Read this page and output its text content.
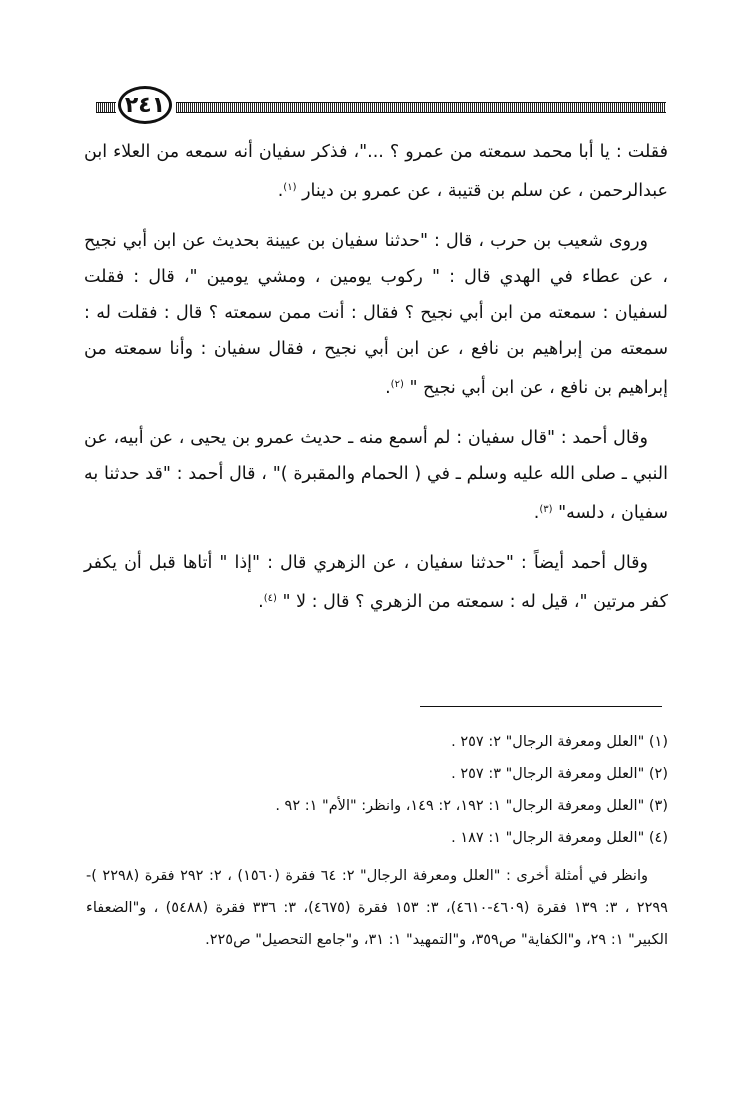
٢٤١

فقلت : يا أبا محمد سمعته من عمرو ؟ ..."، فذكر سفيان أنه سمعه من العلاء ابن عبدالرحمن ، عن سلم بن قتيبة ، عن عمرو بن دينار $^{(١)}$.

وروى شعيب بن حرب ، قال : "حدثنا سفيان بن عيينة بحديث عن ابن أبي نجيح ، عن عطاء في الهدي قال : " ركوب يومين ، ومشي يومين "، قال : فقلت لسفيان : سمعته من ابن أبي نجيح ؟ فقال : أنت ممن سمعته ؟ قال : فقلت له : سمعته من إبراهيم بن نافع ، عن ابن أبي نجيح ، فقال سفيان : وأنا سمعته من إبراهيم بن نافع ، عن ابن أبي نجيح " $^{(٢)}$.

وقال أحمد : "قال سفيان : لم أسمع منه ـ حديث عمرو بن يحيى ، عن أبيه، عن النبي ـ صلى الله عليه وسلم ـ في ( الحمام والمقبرة )" ، قال أحمد : "قد حدثنا به سفيان ، دلسه" $^{(٣)}$.

وقال أحمد أيضاً : "حدثنا سفيان ، عن الزهري قال : "إذا " أتاها قبل أن يكفر كفر مرتين "، قيل له : سمعته من الزهري ؟ قال : لا " $^{(٤)}$.

(١) "العلل ومعرفة الرجال" ٢: ٢٥٧ .

(٢) "العلل ومعرفة الرجال" ٣: ٢٥٧ .

(٣) "العلل ومعرفة الرجال" ١: ١٩٢، ٢: ١٤٩، وانظر: "الأم" ١: ٩٢ .

(٤) "العلل ومعرفة الرجال" ١: ١٨٧ .

وانظر في أمثلة أخرى : "العلل ومعرفة الرجال" ٢: ٦٤ فقرة (١٥٦٠) ، ٢: ٢٩٢ فقرة (٢٢٩٨ )- ٢٢٩٩ ، ٣: ١٣٩ فقرة (٤٦٠٩-٤٦١٠)، ٣: ١٥٣ فقرة (٤٦٧٥)، ٣: ٣٣٦ فقرة (٥٤٨٨) ، و"الضعفاء الكبير" ١: ٢٩، و"الكفاية" ص٣٥٩، و"التمهيد" ١: ٣١، و"جامع التحصيل" ص٢٢٥.
